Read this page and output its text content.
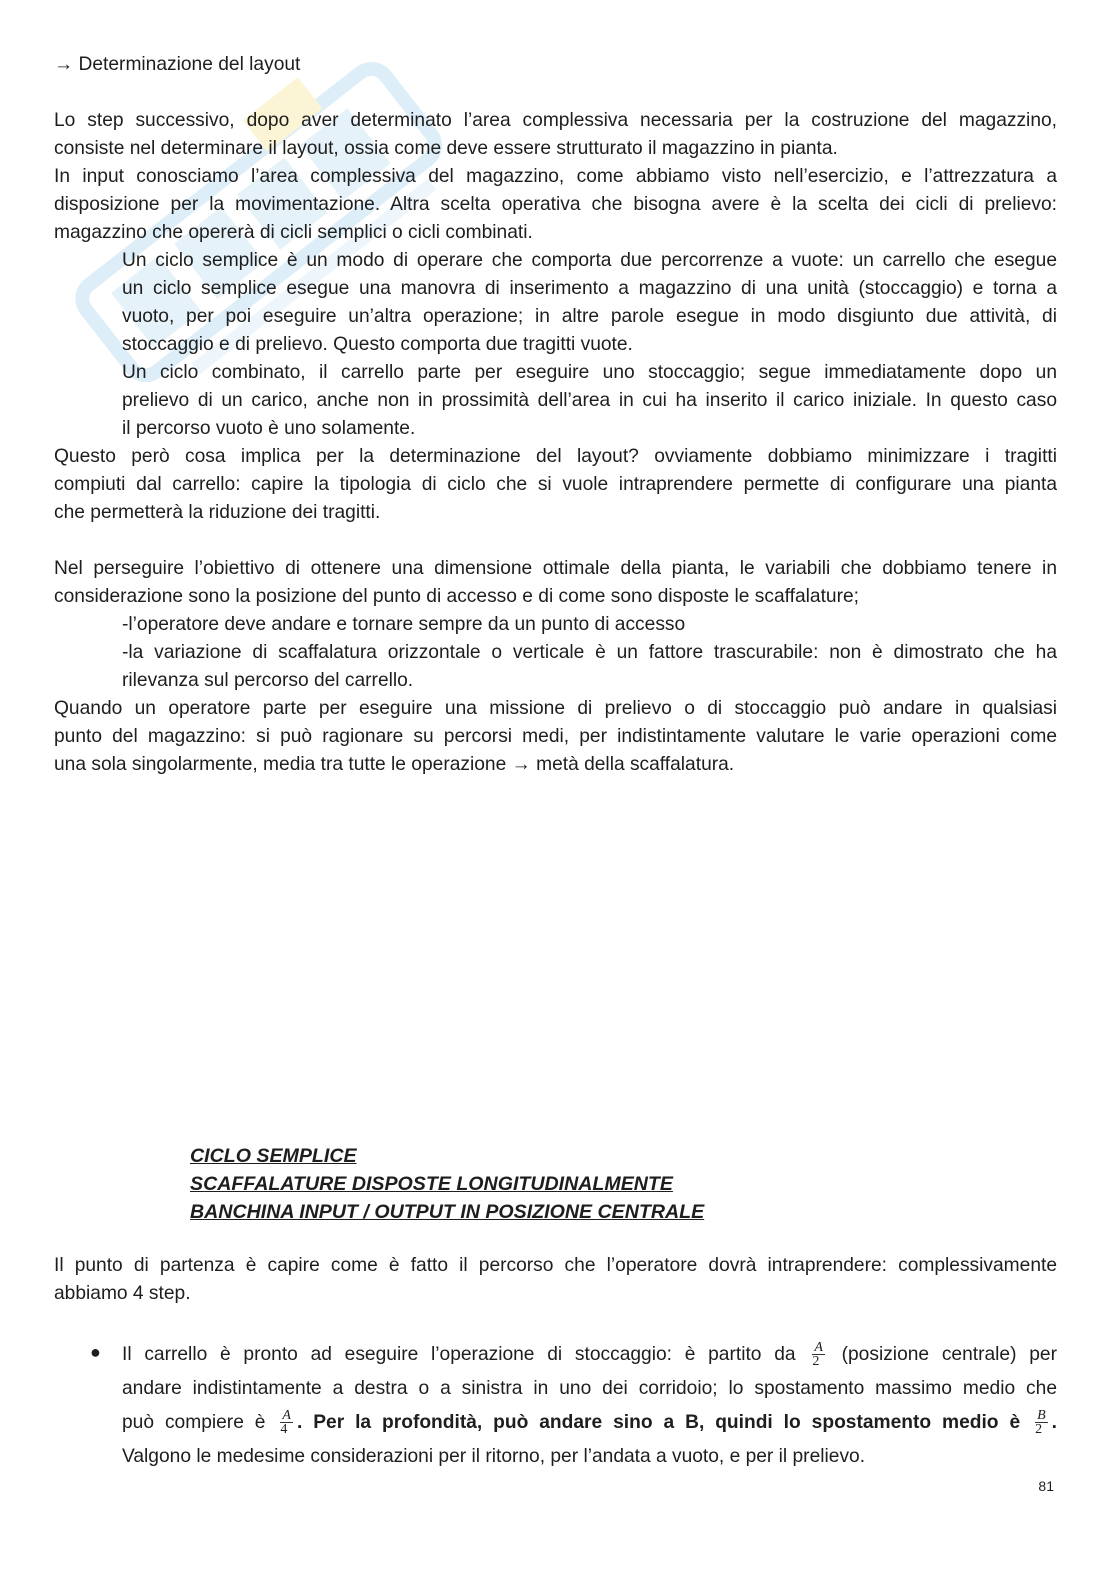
→ Determinazione del layout

Lo step successivo, dopo aver determinato l’area complessiva necessaria per la costruzione del magazzino,

consiste nel determinare il layout, ossia come deve essere strutturato il magazzino in pianta.

In input conosciamo l’area complessiva del magazzino, come abbiamo visto nell’esercizio, e l’attrezzatura a

disposizione per la movimentazione. Altra scelta operativa che bisogna avere è la scelta dei cicli di prelievo:

magazzino che opererà di cicli semplici o cicli combinati.

Un ciclo semplice è un modo di operare che comporta due percorrenze a vuote: un carrello che esegue

un ciclo semplice esegue una manovra di inserimento a magazzino di una unità (stoccaggio) e torna a

vuoto, per poi eseguire un’altra operazione; in altre parole esegue in modo disgiunto due attività, di

stoccaggio e di prelievo. Questo comporta due tragitti vuote.

Un ciclo combinato, il carrello parte per eseguire uno stoccaggio; segue immediatamente dopo un

prelievo di un carico, anche non in prossimità dell’area in cui ha inserito il carico iniziale. In questo caso

il percorso vuoto è uno solamente.

Questo però cosa implica per la determinazione del layout? ovviamente dobbiamo minimizzare i tragitti

compiuti dal carrello: capire la tipologia di ciclo che si vuole intraprendere permette di configurare una pianta

che permetterà la riduzione dei tragitti.

Nel perseguire l’obiettivo di ottenere una dimensione ottimale della pianta, le variabili che dobbiamo tenere in

considerazione sono la posizione del punto di accesso e di come sono disposte le scaffalature;

-l’operatore deve andare e tornare sempre da un punto di accesso

-la variazione di scaffalatura orizzontale o verticale è un fattore trascurabile: non è dimostrato che ha

rilevanza sul percorso del carrello.

Quando un operatore parte per eseguire una missione di prelievo o di stoccaggio può andare in qualsiasi

punto del magazzino: si può ragionare su percorsi medi, per indistintamente valutare le varie operazioni come

una sola singolarmente, media tra tutte le operazione → metà della scaffalatura.

CICLO SEMPLICE

SCAFFALATURE DISPOSTE LONGITUDINALMENTE

BANCHINA INPUT / OUTPUT IN POSIZIONE CENTRALE

Il punto di partenza è capire come è fatto il percorso che l’operatore dovrà intraprendere: complessivamente

abbiamo 4 step.

● Il carrello è pronto ad eseguire l’operazione di stoccaggio: è partito da $\frac{A}{2}$ (posizione centrale) per

andare indistintamente a destra o a sinistra in uno dei corridoio; lo spostamento massimo medio che

può compiere è $\frac{A}{4}$ . Per la profondità, può andare sino a B, quindi lo spostamento medio è $\frac{B}{2}$ .

Valgono le medesime considerazioni per il ritorno, per l’andata a vuoto, e per il prelievo.

81
